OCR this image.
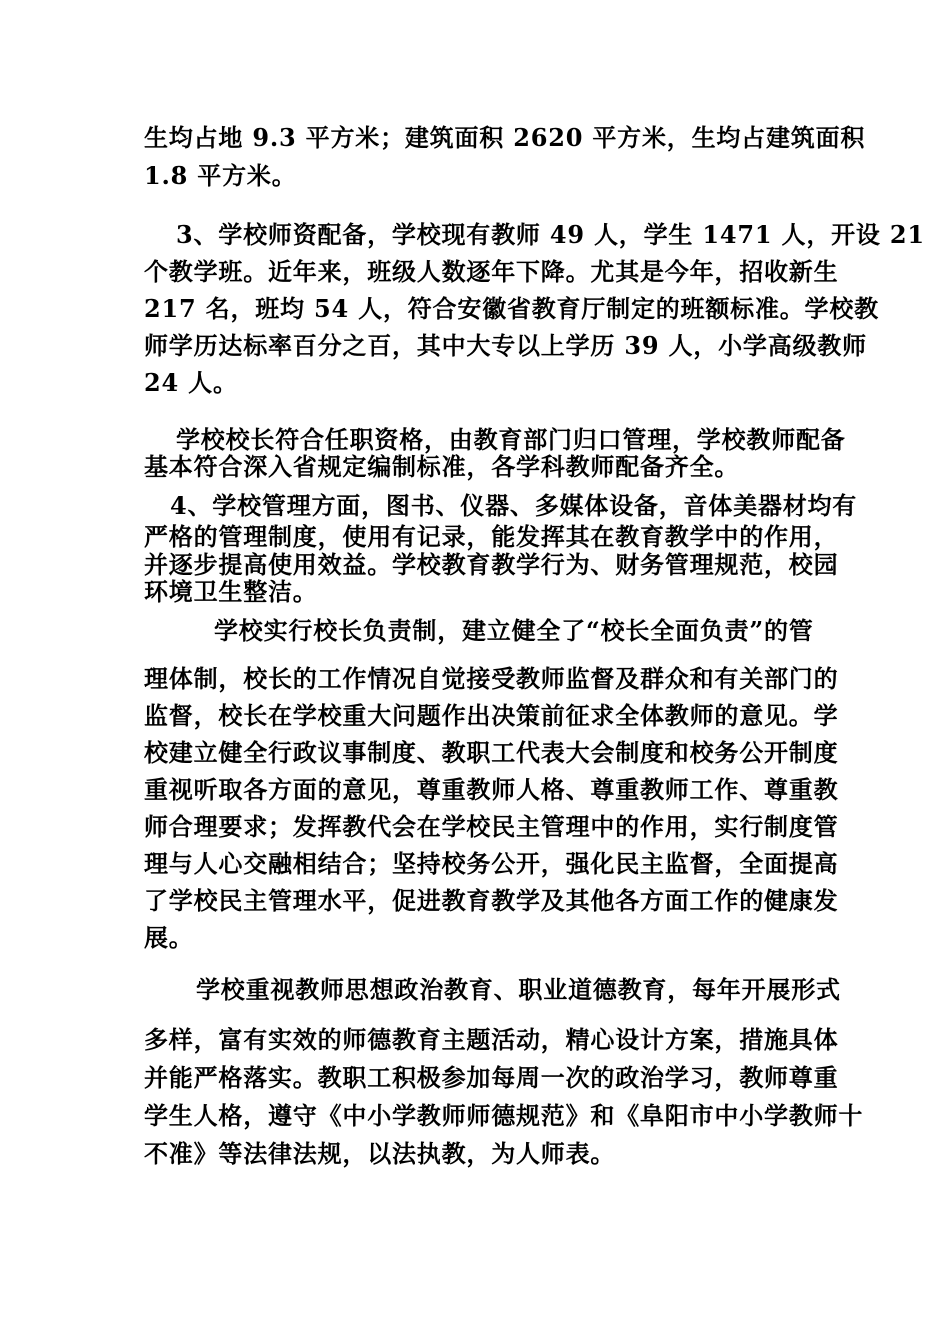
生均占地 9.3 平方米；建筑面积 2620 平方米，生均占建筑面积
1.8 平方米。
3、学校师资配备，学校现有教师 49 人，学生 1471 人，开设 21
个教学班。近年来，班级人数逐年下降。尤其是今年，招收新生
217 名，班均 54 人，符合安徽省教育厅制定的班额标准。学校教
师学历达标率百分之百，其中大专以上学历 39 人，小学高级教师
24 人。
学校校长符合任职资格，由教育部门归口管理，学校教师配备
基本符合深入省规定编制标准，各学科教师配备齐全。
4、学校管理方面，图书、仪器、多媒体设备，音体美器材均有
严格的管理制度，使用有记录，能发挥其在教育教学中的作用，
并逐步提高使用效益。学校教育教学行为、财务管理规范，校园
环境卫生整洁。
学校实行校长负责制，建立健全了“校长全面负责”的管
理体制，校长的工作情况自觉接受教师监督及群众和有关部门的
监督，校长在学校重大问题作出决策前征求全体教师的意见。学
校建立健全行政议事制度、教职工代表大会制度和校务公开制度
重视听取各方面的意见，尊重教师人格、尊重教师工作、尊重教
师合理要求；发挥教代会在学校民主管理中的作用，实行制度管
理与人心交融相结合；坚持校务公开，强化民主监督，全面提高
了学校民主管理水平，促进教育教学及其他各方面工作的健康发
展。
学校重视教师思想政治教育、职业道德教育，每年开展形式
多样，富有实效的师德教育主题活动，精心设计方案，措施具体
并能严格落实。教职工积极参加每周一次的政治学习，教师尊重
学生人格，遵守《中小学教师师德规范》和《阜阳市中小学教师十
不准》等法律法规，以法执教，为人师表。
